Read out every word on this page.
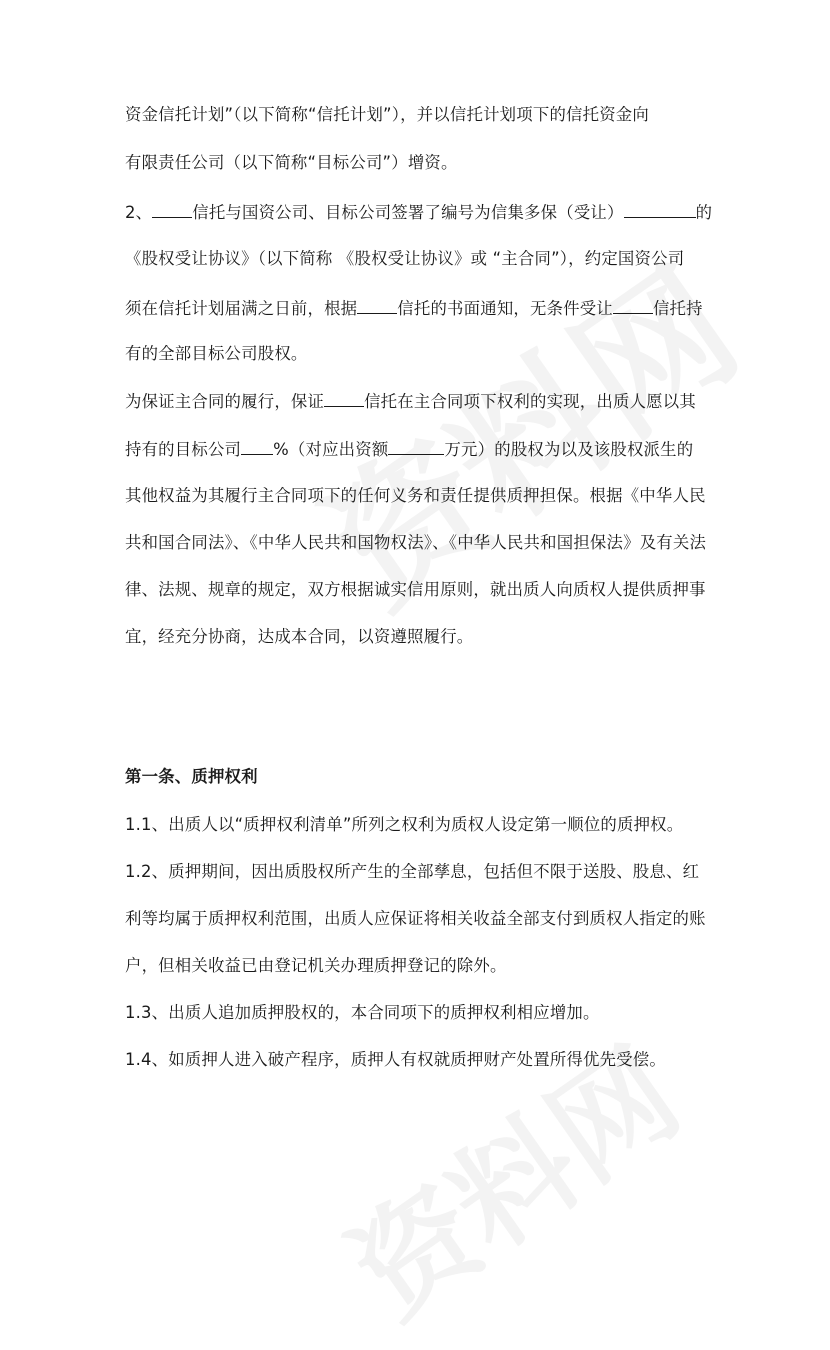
资金信托计划”（以下简称“信托计划”），并以信托计划项下的信托资金向
有限责任公司（以下简称“目标公司”）增资。
2、 信托与国资公司、目标公司签署了编号为信集多保（受让）	的
《股权受让协议》（以下简称 《股权受让协议》或 “主合同”），约定国资公司
须在信托计划届满之日前，根据 信托的书面通知，无条件受让 信托持
有的全部目标公司股权。
为保证主合同的履行，保证 信托在主合同项下权利的实现，出质人愿以其
持有的目标公司 %（对应出资额	万元）的股权为以及该股权派生的
其他权益为其履行主合同项下的任何义务和责任提供质押担保。根据《中华人民
共和国合同法》、《中华人民共和国物权法》、《中华人民共和国担保法》及有关法
律、法规、规章的规定，双方根据诚实信用原则，就出质人向质权人提供质押事
宜，经充分协商，达成本合同，以资遵照履行。
第一条、质押权利
1.1、出质人以“质押权利清单”所列之权利为质权人设定第一顺位的质押权。
1.2、质押期间，因出质股权所产生的全部孳息，包括但不限于送股、股息、红
利等均属于质押权利范围，出质人应保证将相关收益全部支付到质权人指定的账
户，但相关收益已由登记机关办理质押登记的除外。
1.3、出质人追加质押股权的，本合同项下的质押权利相应增加。
1.4、如质押人进入破产程序，质押人有权就质押财产处置所得优先受偿。
